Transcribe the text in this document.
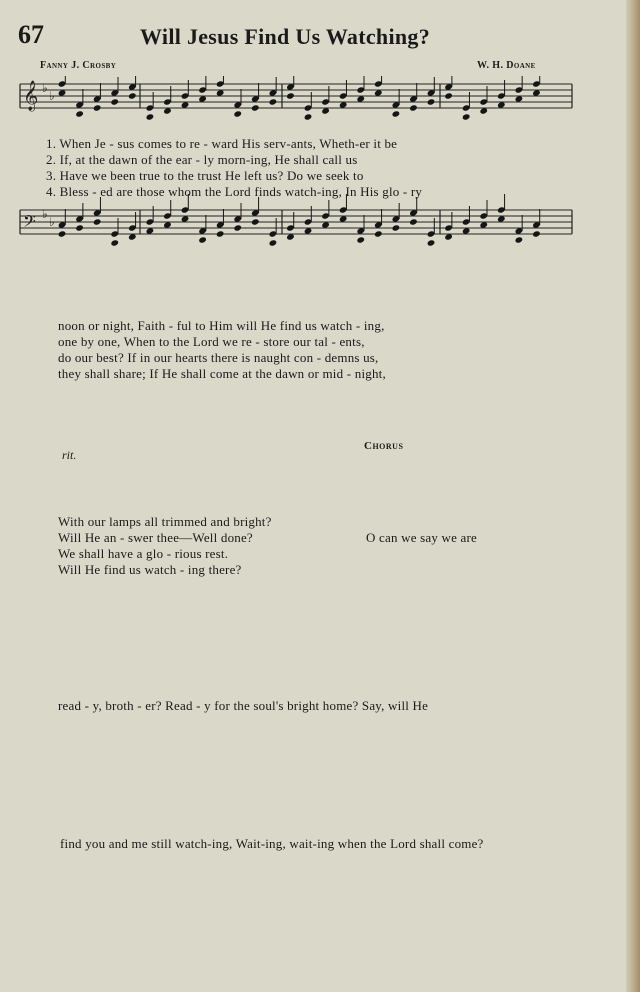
67	Will Jesus Find Us Watching?
Fanny J. Crosby	W. H. Doane
𝄞 ♭
♭
𝄢 ♭
♭
1. When Je - sus comes to re - ward His serv-ants, Wheth-er it be
2. If, at the dawn of the ear - ly morn-ing, He shall call us
3. Have we been true to the trust He left us? Do we seek to
4. Bless - ed are those whom the Lord finds watch-ing, In His glo - ry
noon or night, Faith - ful to Him will He find us watch - ing,
one by one, When to the Lord we re - store our tal - ents,
do our best? If in our hearts there is naught con - demns us,
they shall share; If He shall come at the dawn or mid - night,
rit.
Chorus
With our lamps all trimmed and bright?
Will He an - swer thee—Well done?
We shall have a glo - rious rest.
Will He find us watch - ing there?
O can we say we are
read - y, broth - er? Read - y for the soul's bright home? Say, will He
find you and me still watch-ing, Wait-ing, wait-ing when the Lord shall come?
